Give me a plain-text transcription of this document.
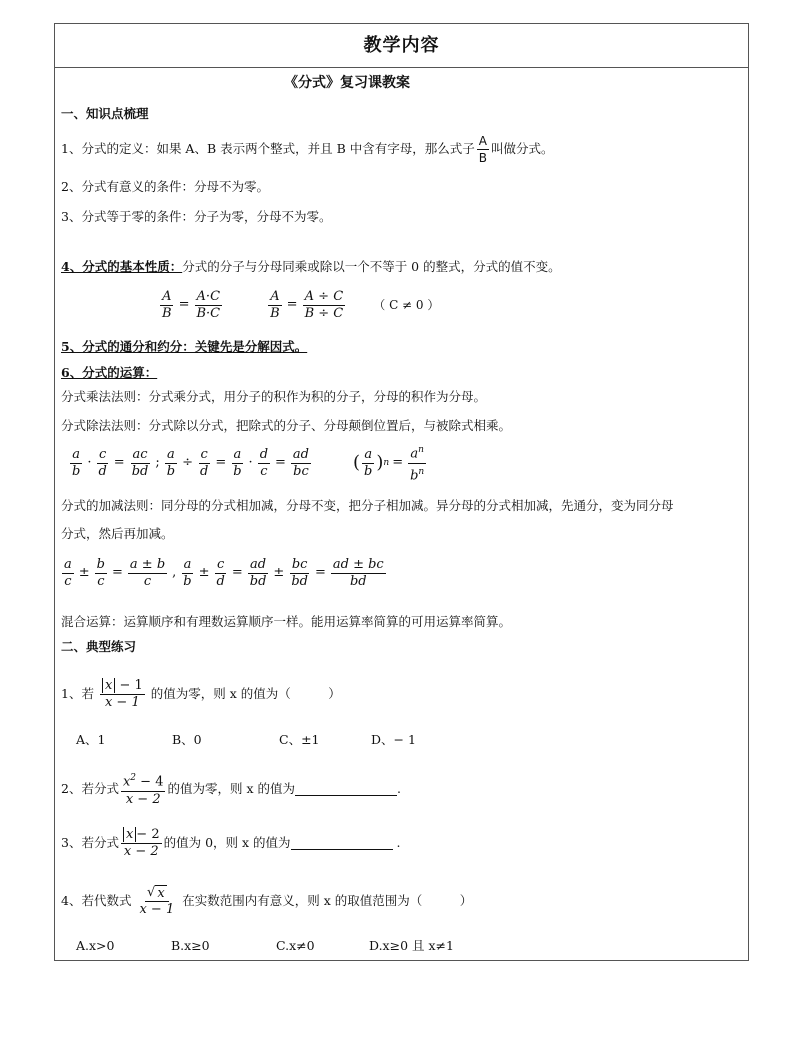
教学内容
《分式》复习课教案
一、知识点梳理
1、分式的定义：如果 A、B 表示两个整式，并且 B 中含有字母，那么式子 $\frac{A}{B}$ 叫做分式。
2、分式有意义的条件：分母不为零。
3、分式等于零的条件：分子为零，分母不为零。
4、分式的基本性质：分式的分子与分母同乘或除以一个不等于 0 的整式，分式的值不变。
$\frac{A}{B} = \frac{A\cdot C}{B\cdot C}$	$\frac{A}{B} = \frac{A \div C}{B \div C}$ （ C ≠ 0 ）
5、分式的通分和约分：关键先是分解因式。
6、分式的运算：
分式乘法法则：分式乘分式，用分子的积作为积的分子，分母的积作为分母。
分式除法法则：分式除以分式，把除式的分子、分母颠倒位置后，与被除式相乘。
$\frac{a}{b} \cdot \frac{c}{d} = \frac{ac}{bd}$ ; $\frac{a}{b} \div \frac{c}{d} = \frac{a}{b} \cdot \frac{d}{c} = \frac{ad}{bc}$ ( $\frac{a}{b}$ ) $n = \frac{a^n}{b^n}$
分式的加减法则：同分母的分式相加减，分母不变，把分子相加减。异分母的分式相加减，先通分，变为同分母
分式，然后再加减。
$\frac{a}{c} \pm \frac{b}{c} = \frac{a \pm b}{c}$ , $\frac{a}{b} \pm \frac{c}{d} = \frac{ad}{bd} \pm \frac{bc}{bd} = \frac{ad \pm bc}{bd}$
混合运算：运算顺序和有理数运算顺序一样。能用运算率简算的可用运算率简算。
二、典型练习
1、若 $\frac{x - 1}{x - 1}$ 的值为零，则 x 的值为（　　　）
A、1	B、0	C、±1	D、− 1
2、若分式 $\frac{x^2 - 4}{x - 2}$ 的值为零，则 x 的值为	.
3、若分式 $\frac{x - 2}{x - 2}$ 的值为 0，则 x 的值为	.
4、若代数式 $\frac{√ x}{x - 1}$ 在实数范围内有意义，则 x 的取值范围为（　　　）
A.x>0	B.x≥0	C.x≠0	D.x≥0 且 x≠1
